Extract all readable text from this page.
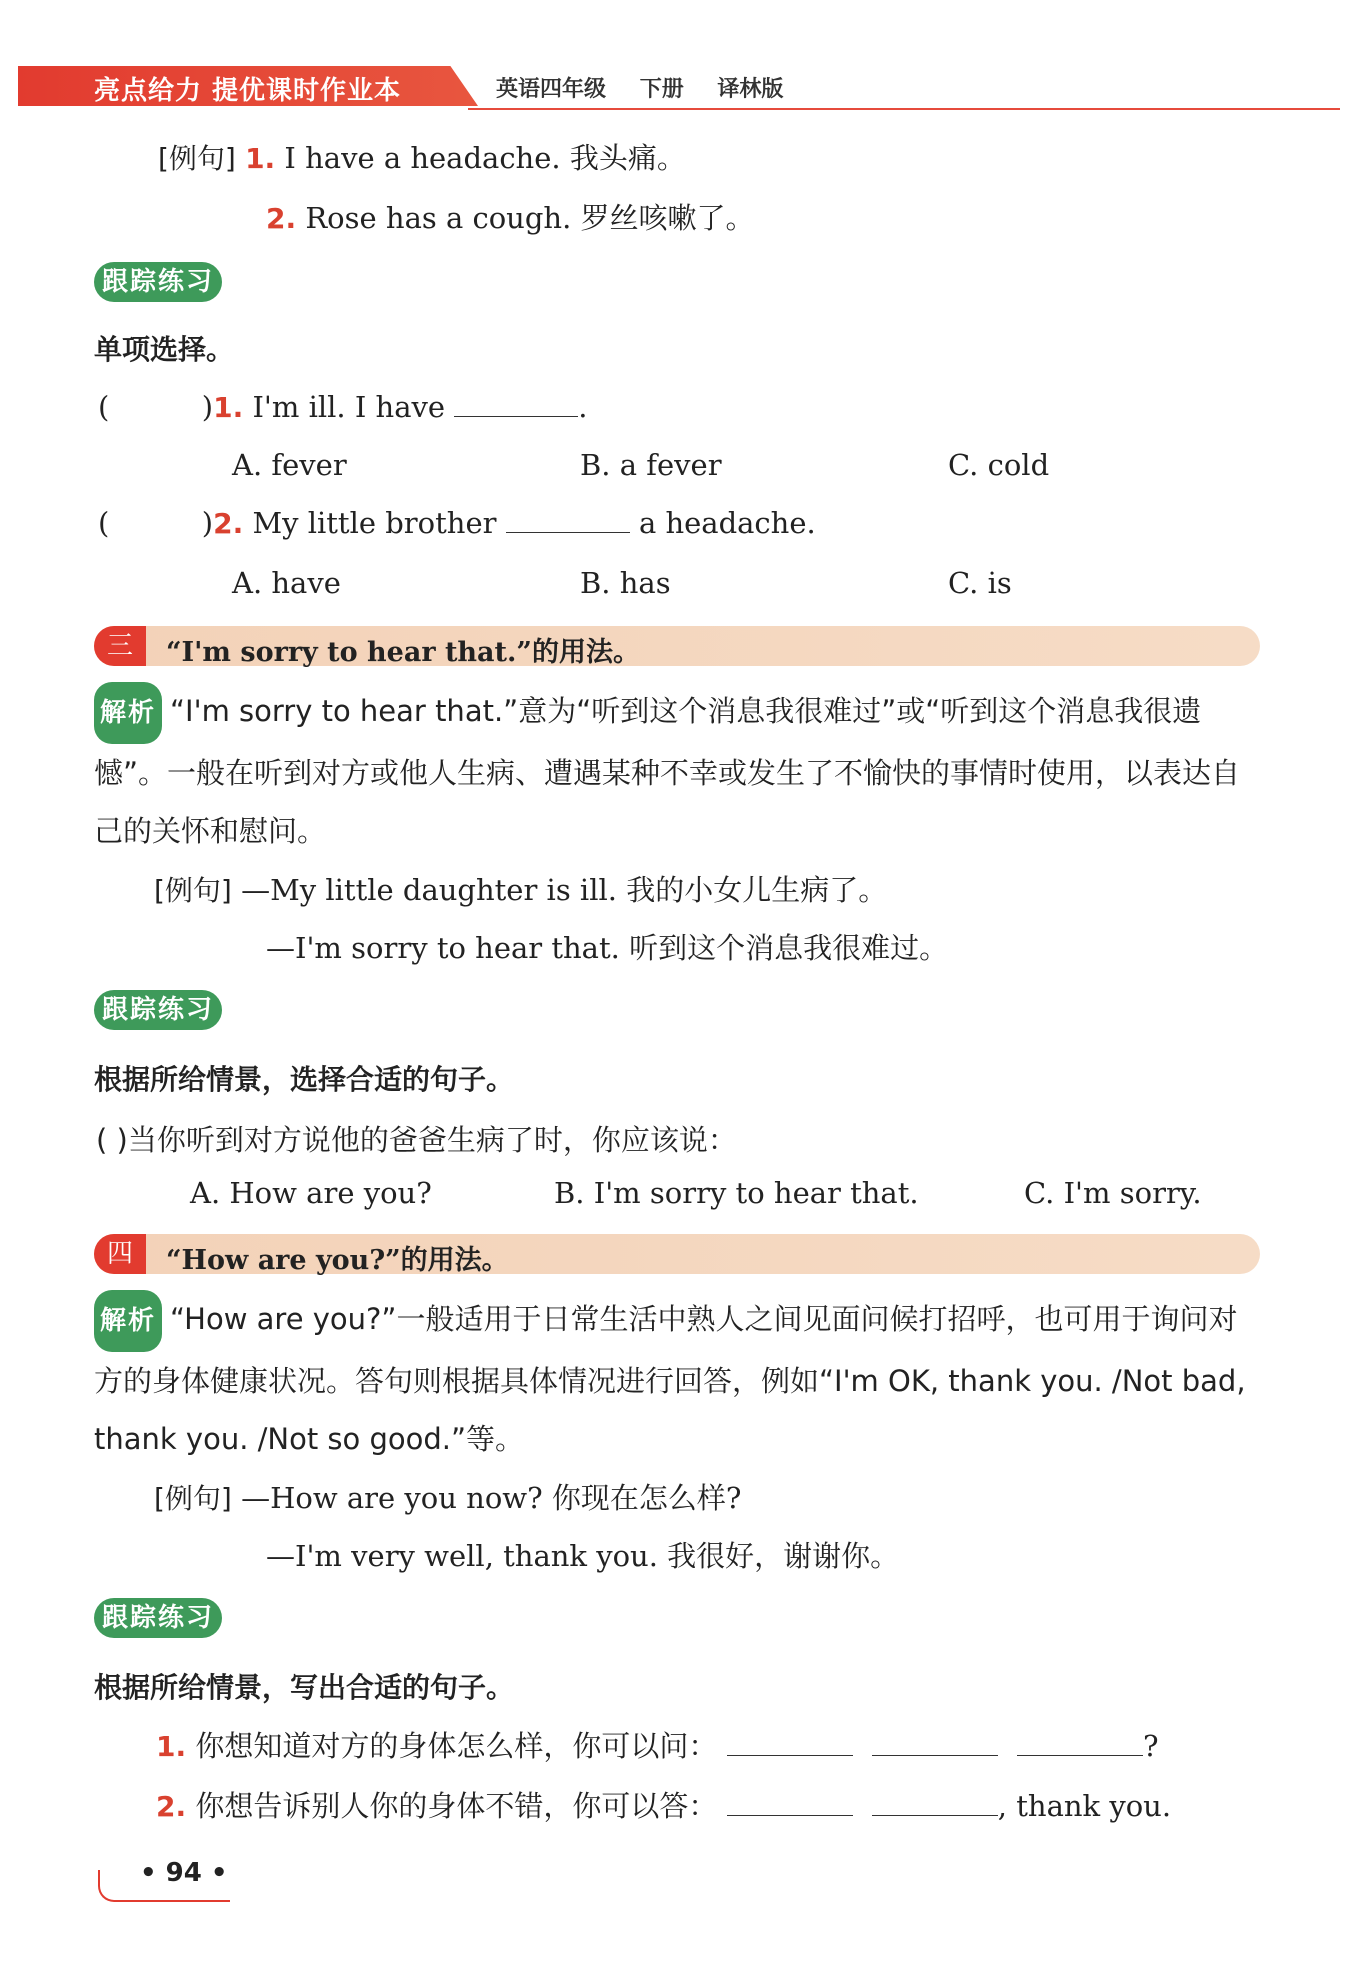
亮点给力 提优课时作业本	英语四年级 下册 译林版
[例句] 1. I have a headache. 我头痛。
2. Rose has a cough. 罗丝咳嗽了。
跟踪练习
单项选择。
(	)1. I'm ill. I have	.
A. fever	B. a fever	C. cold
(	)2. My little brother	a headache.
A. have	B. has	C. is
三	“I'm sorry to hear that.”的用法。
解析 “I'm sorry to hear that.”意为“听到这个消息我很难过”或“听到这个消息我很遗憾”。一般在听到对方或他人生病、遭遇某种不幸或发生了不愉快的事情时使用，以表达自己的关怀和慰问。
[例句] —My little daughter is ill. 我的小女儿生病了。
—I'm sorry to hear that. 听到这个消息我很难过。
跟踪练习
根据所给情景，选择合适的句子。
( )当你听到对方说他的爸爸生病了时，你应该说：
A. How are you?	B. I'm sorry to hear that.	C. I'm sorry.
四	“How are you?”的用法。
解析 “How are you?”一般适用于日常生活中熟人之间见面问候打招呼，也可用于询问对方的身体健康状况。答句则根据具体情况进行回答，例如“I'm OK, thank you. /Not bad, thank you. /Not so good.”等。
[例句] —How are you now? 你现在怎么样?
—I'm very well, thank you. 我很好，谢谢你。
跟踪练习
根据所给情景，写出合适的句子。
1. 你想知道对方的身体怎么样，你可以问：	?
2. 你想告诉别人你的身体不错，你可以答：	, thank you.
• 94 •
